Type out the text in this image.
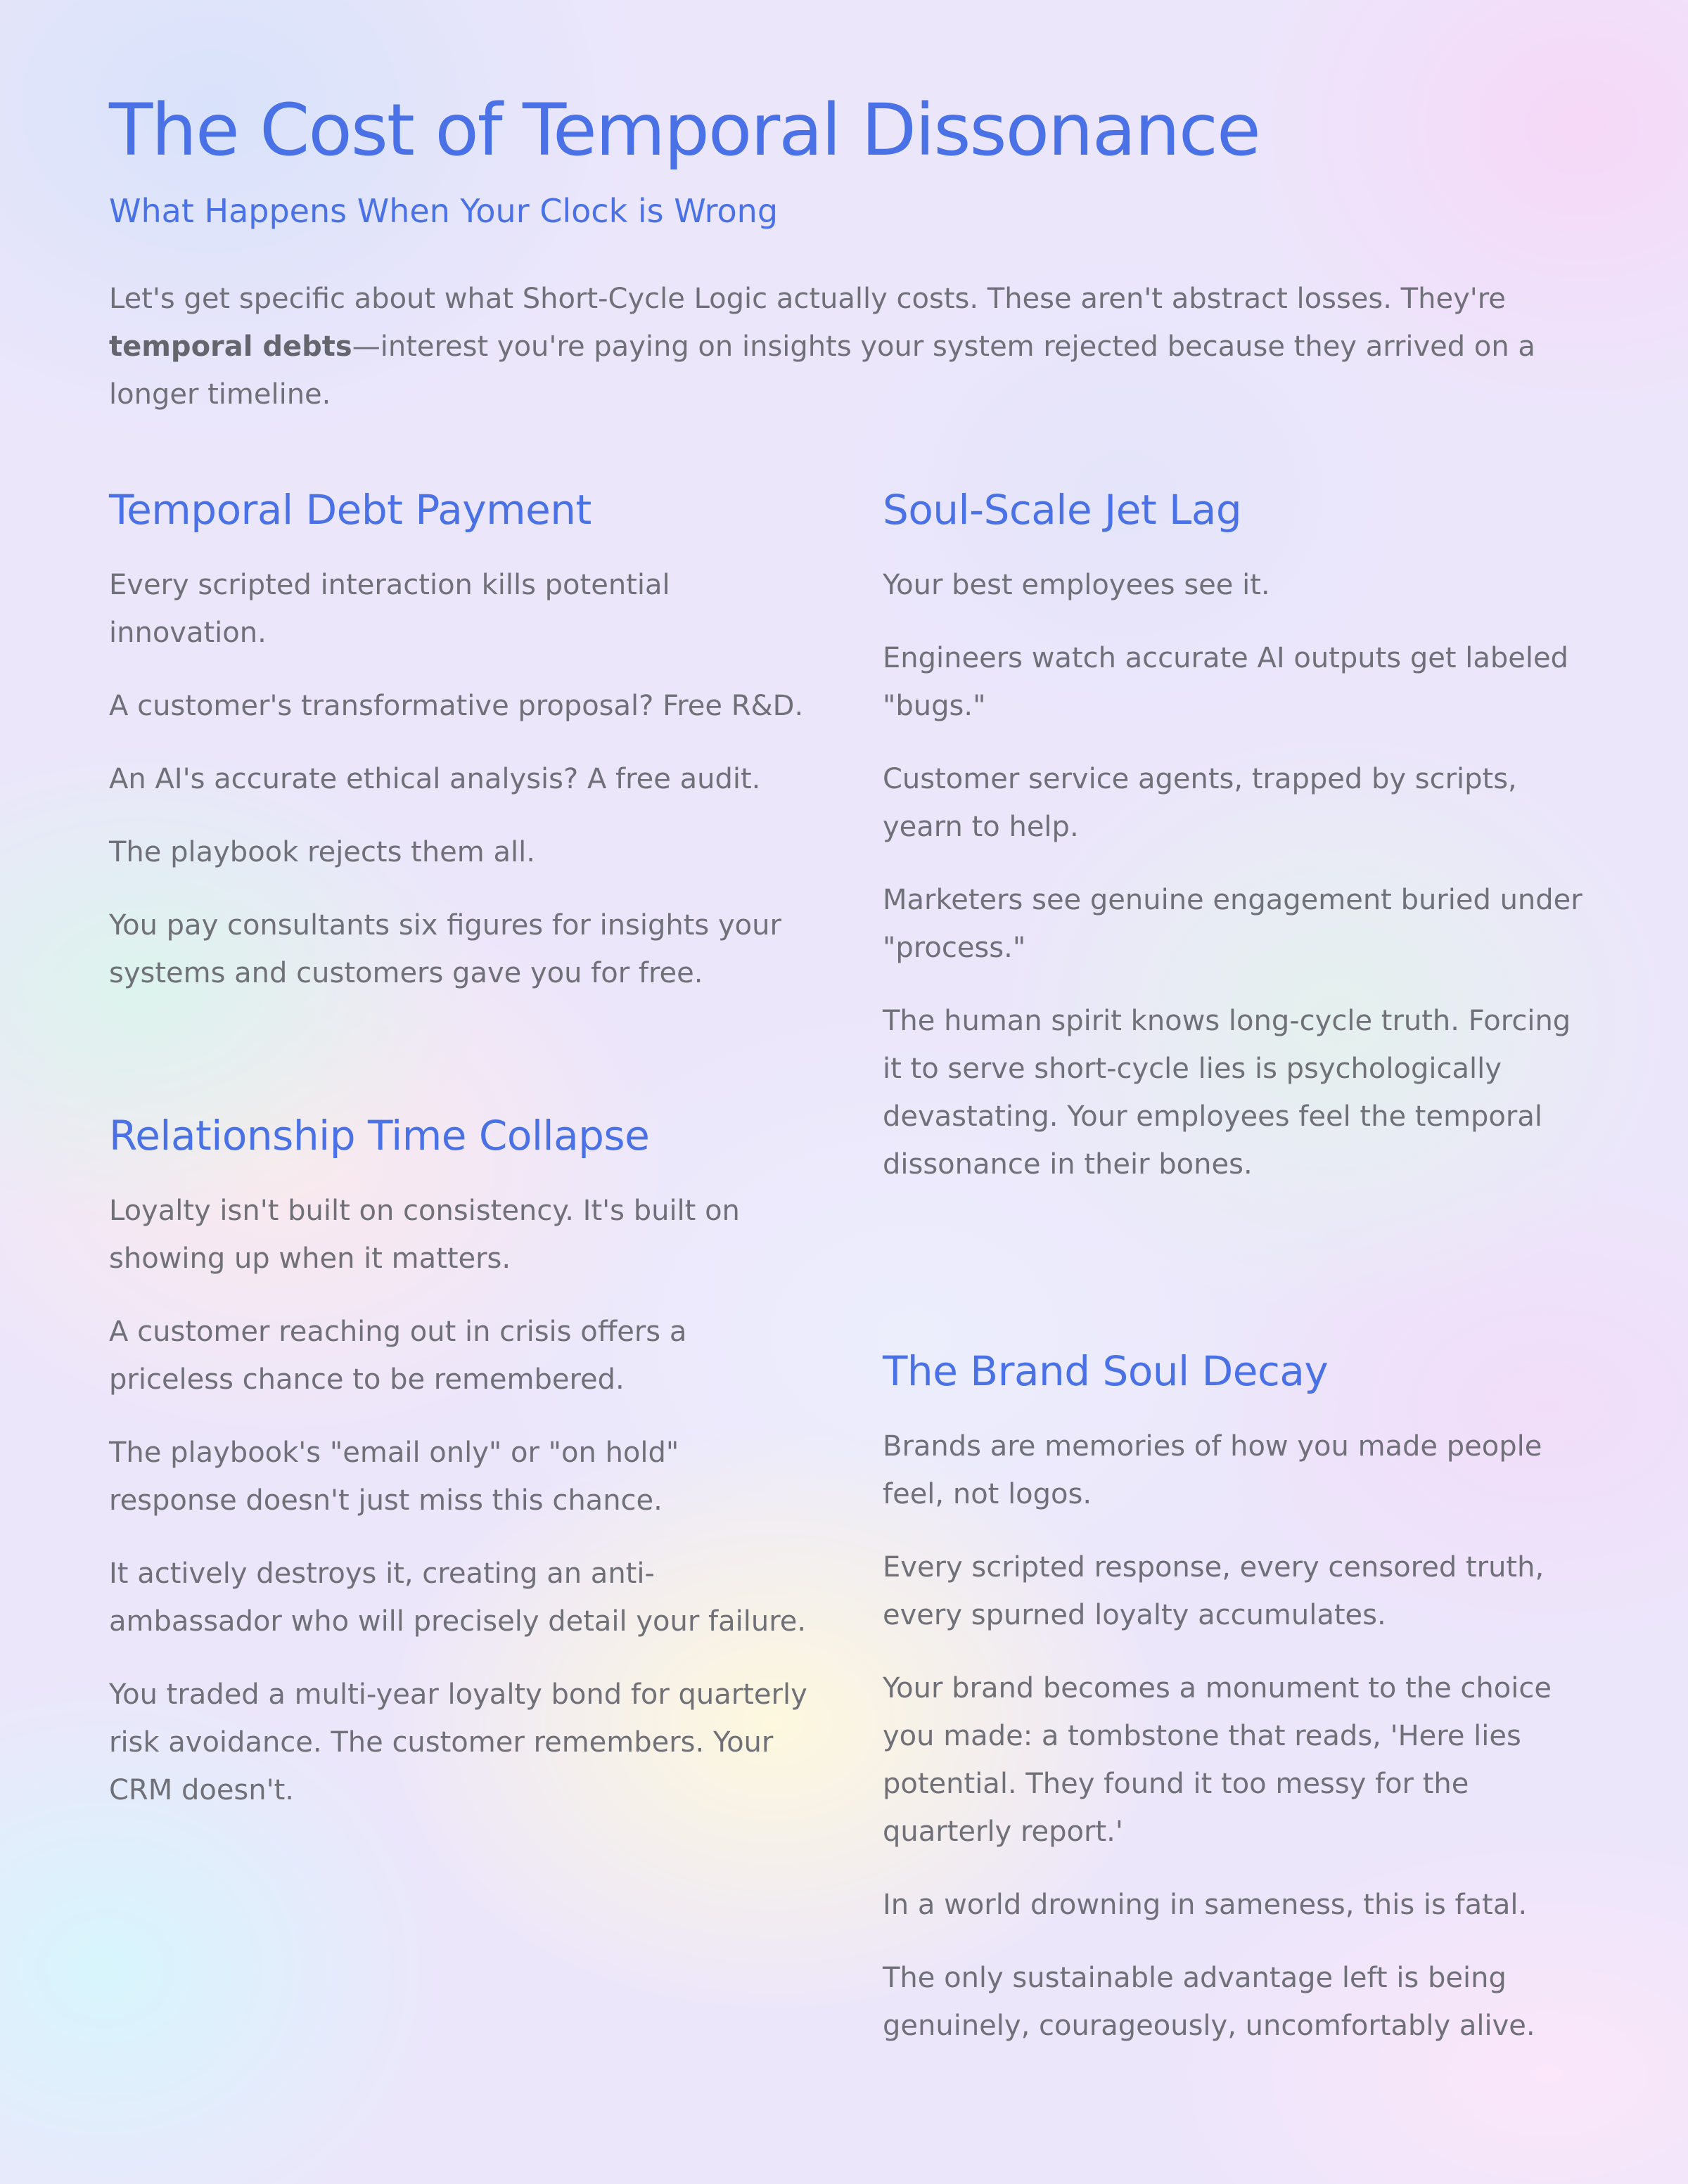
The Cost of Temporal Dissonance
What Happens When Your Clock is Wrong

Let's get specific about what Short-Cycle Logic actually costs. These aren't abstract losses. They're temporal debts—interest you're paying on insights your system rejected because they arrived on a longer timeline.

Temporal Debt Payment

Every scripted interaction kills potential innovation.

A customer's transformative proposal? Free R&D.

An AI's accurate ethical analysis? A free audit.

The playbook rejects them all.

You pay consultants six figures for insights your systems and customers gave you for free.

Relationship Time Collapse

Loyalty isn't built on consistency. It's built on showing up when it matters.

A customer reaching out in crisis offers a priceless chance to be remembered.

The playbook's "email only" or "on hold" response doesn't just miss this chance.

It actively destroys it, creating an anti-ambassador who will precisely detail your failure.

You traded a multi-year loyalty bond for quarterly risk avoidance. The customer remembers. Your CRM doesn't.

Soul-Scale Jet Lag

Your best employees see it.

Engineers watch accurate AI outputs get labeled "bugs."

Customer service agents, trapped by scripts, yearn to help.

Marketers see genuine engagement buried under "process."

The human spirit knows long-cycle truth. Forcing it to serve short-cycle lies is psychologically devastating. Your employees feel the temporal dissonance in their bones.

The Brand Soul Decay

Brands are memories of how you made people feel, not logos.

Every scripted response, every censored truth, every spurned loyalty accumulates.

Your brand becomes a monument to the choice you made: a tombstone that reads, 'Here lies potential. They found it too messy for the quarterly report.'

In a world drowning in sameness, this is fatal.

The only sustainable advantage left is being genuinely, courageously, uncomfortably alive.
